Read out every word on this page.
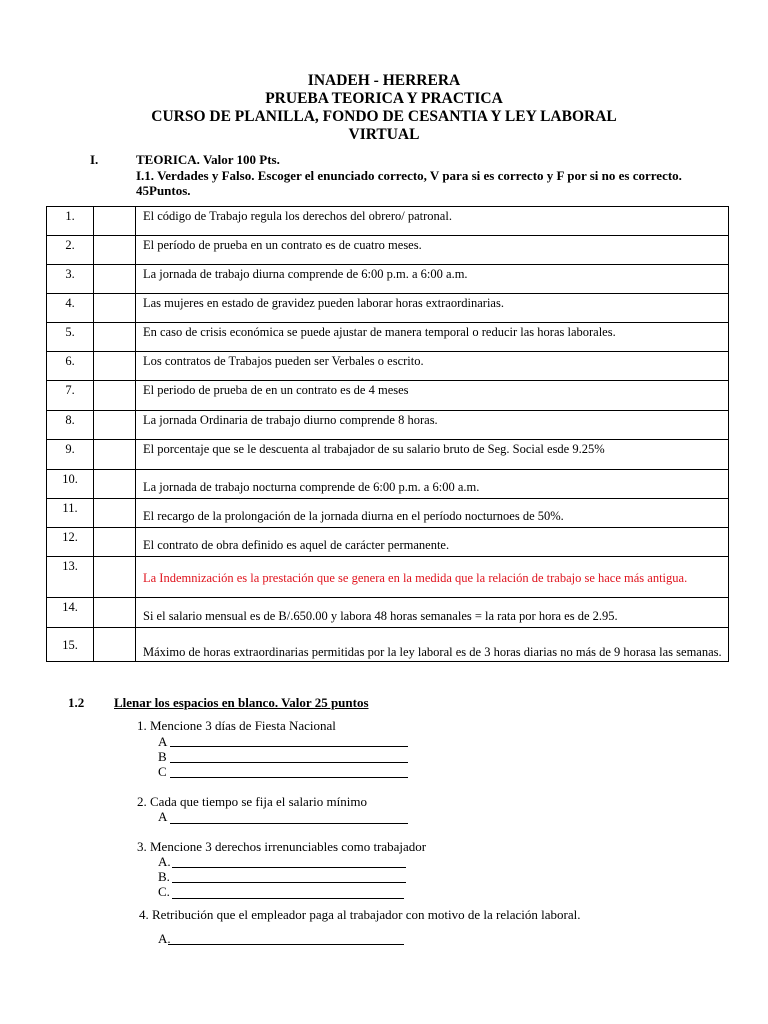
INADEH - HERRERA
PRUEBA TEORICA Y PRACTICA
CURSO DE PLANILLA, FONDO DE CESANTIA Y LEY LABORAL
VIRTUAL
I.	TEORICA. Valor 100 Pts.
I.1. Verdades y Falso. Escoger el enunciado correcto, V para si es correcto y F por si no es correcto. 45Puntos.
1.		El código de Trabajo regula los derechos del obrero/ patronal.
2.		El período de prueba en un contrato es de cuatro meses.
3.		La jornada de trabajo diurna comprende de 6:00 p.m. a 6:00 a.m.
4.		Las mujeres en estado de gravidez pueden laborar horas extraordinarias.
5.		En caso de crisis económica se puede ajustar de manera temporal o reducir las horas laborales.
6.		Los contratos de Trabajos pueden ser Verbales o escrito.
7.		El periodo de prueba de en un contrato es de 4 meses
8.		La jornada Ordinaria de trabajo diurno comprende 8 horas.
9.		El porcentaje que se le descuenta al trabajador de su salario bruto de Seg. Social esde 9.25%
10.		La jornada de trabajo nocturna comprende de 6:00 p.m. a 6:00 a.m.
11.		El recargo de la prolongación de la jornada diurna en el período nocturnoes de 50%.
12.		El contrato de obra definido es aquel de carácter permanente.
13.		La Indemnización es la prestación que se genera en la medida que la relación de trabajo se hace más antigua.
14.		Si el salario mensual es de B/.650.00 y labora 48 horas semanales = la rata por hora es de 2.95.
15.		Máximo de horas extraordinarias permitidas por la ley laboral es de 3 horas diarias no más de 9 horasa las semanas.
1.2 Llenar los espacios en blanco. Valor 25 puntos
1. Mencione 3 días de Fiesta Nacional
A
B
C
2. Cada que tiempo se fija el salario mínimo
A
3. Mencione 3 derechos irrenunciables como trabajador
A.
B.
C.
4. Retribución que el empleador paga al trabajador con motivo de la relación laboral.
A.
